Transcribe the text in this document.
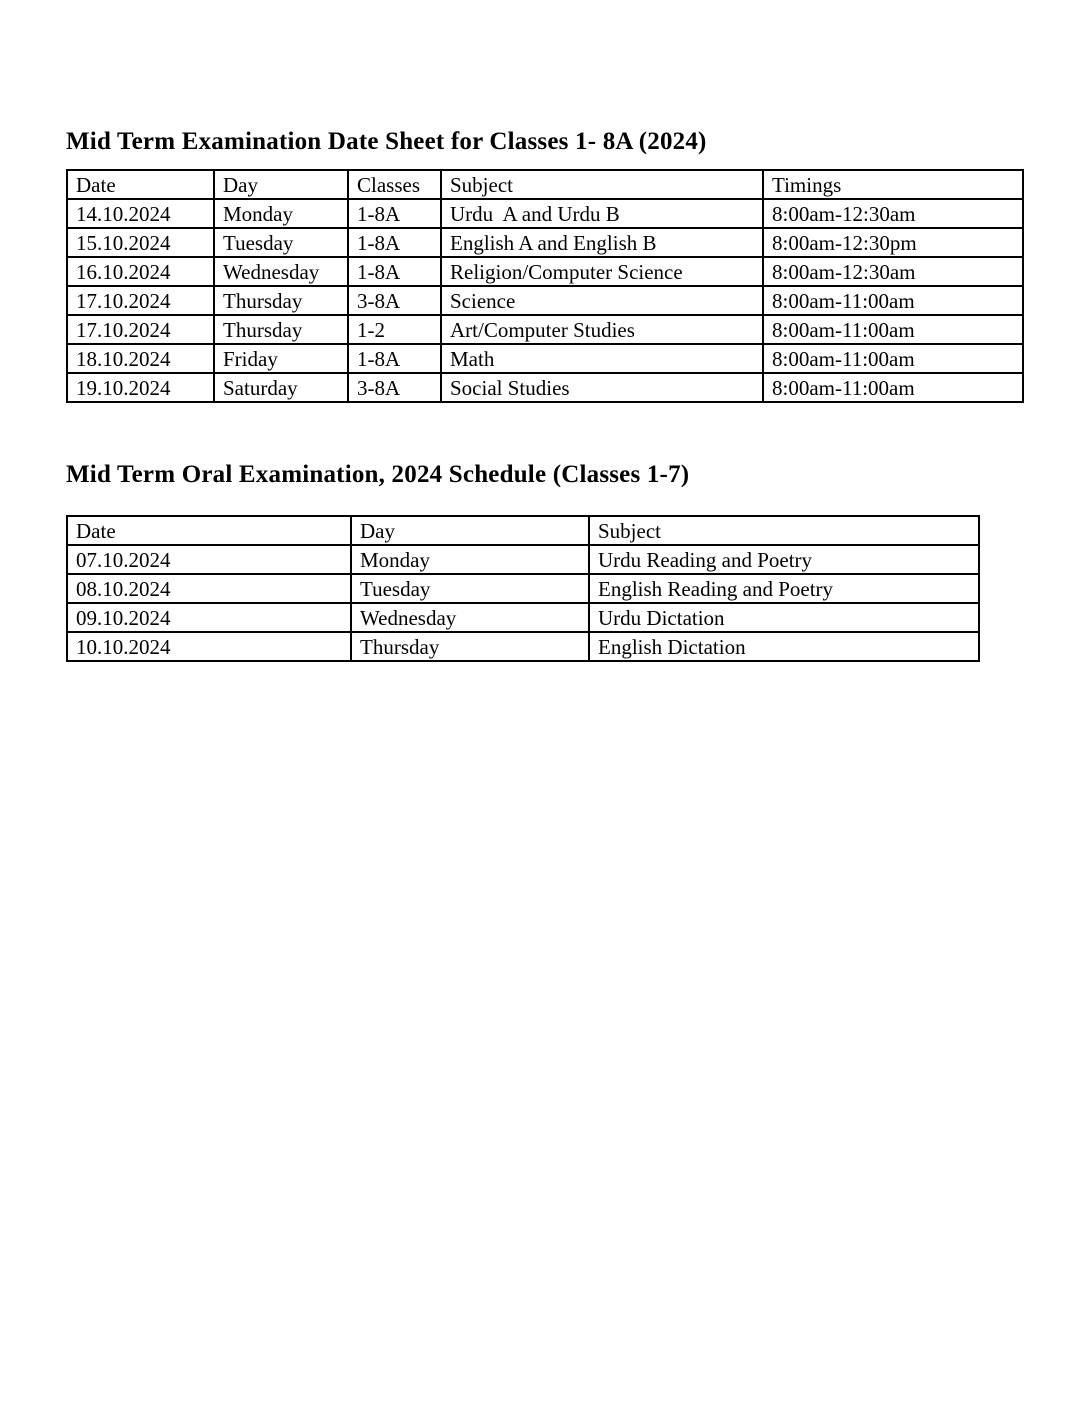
Mid Term Examination Date Sheet for Classes 1- 8A (2024)
Date	Day	Classes	Subject	Timings
14.10.2024	Monday	1-8A	Urdu  A and Urdu B	8:00am-12:30am
15.10.2024	Tuesday	1-8A	English A and English B	8:00am-12:30pm
16.10.2024	Wednesday	1-8A	Religion/Computer Science	8:00am-12:30am
17.10.2024	Thursday	3-8A	Science	8:00am-11:00am
17.10.2024	Thursday	1-2	Art/Computer Studies	8:00am-11:00am
18.10.2024	Friday	1-8A	Math	8:00am-11:00am
19.10.2024	Saturday	3-8A	Social Studies	8:00am-11:00am
Mid Term Oral Examination, 2024 Schedule (Classes 1-7)
Date	Day	Subject
07.10.2024	Monday	Urdu Reading and Poetry
08.10.2024	Tuesday	English Reading and Poetry
09.10.2024	Wednesday	Urdu Dictation
10.10.2024	Thursday	English Dictation
